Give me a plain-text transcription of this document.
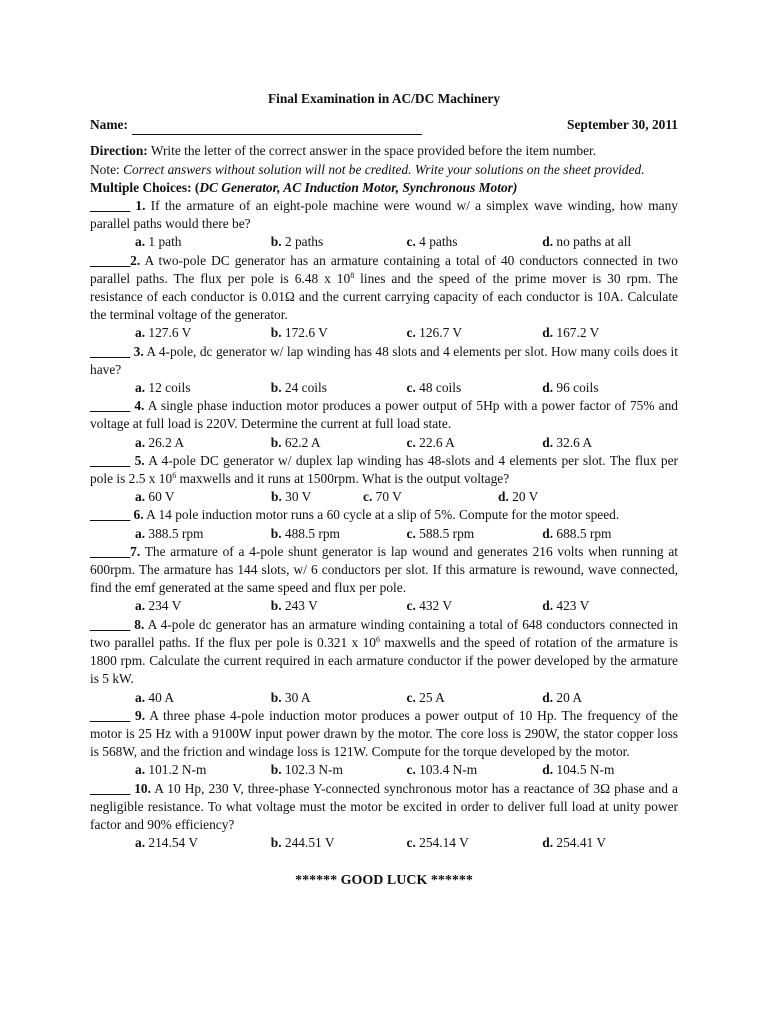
Final Examination in AC/DC Machinery
Name:	September 30, 2011
Direction: Write the letter of the correct answer in the space provided before the item number.
Note: Correct answers without solution will not be credited. Write your solutions on the sheet provided.
Multiple Choices: (DC Generator, AC Induction Motor, Synchronous Motor)
______ 1. If the armature of an eight-pole machine were wound w/ a simplex wave winding, how many parallel paths would there be?
a. 1 path	b. 2 paths	c. 4 paths	d. no paths at all
______2. A two-pole DC generator has an armature containing a total of 40 conductors connected in two parallel paths. The flux per pole is 6.48 x $10^8$ lines and the speed of the prime mover is 30 rpm. The resistance of each conductor is 0.01Ω and the current carrying capacity of each conductor is 10A. Calculate the terminal voltage of the generator.
a. 127.6 V	b. 172.6 V	c. 126.7 V	d. 167.2 V
______ 3. A 4-pole, dc generator w/ lap winding has 48 slots and 4 elements per slot. How many coils does it have?
a. 12 coils	b. 24 coils	c. 48 coils	d. 96 coils
______ 4. A single phase induction motor produces a power output of 5Hp with a power factor of 75% and voltage at full load is 220V. Determine the current at full load state.
a. 26.2 A	b. 62.2 A	c. 22.6 A	d. 32.6 A
______ 5. A 4-pole DC generator w/ duplex lap winding has 48-slots and 4 elements per slot. The flux per pole is 2.5 x $10^6$ maxwells and it runs at 1500rpm. What is the output voltage?
a. 60 V	b. 30 V	c. 70 V	d. 20 V
______ 6. A 14 pole induction motor runs a 60 cycle at a slip of 5%. Compute for the motor speed.
a. 388.5 rpm	b. 488.5 rpm	c. 588.5 rpm	d. 688.5 rpm
______7. The armature of a 4-pole shunt generator is lap wound and generates 216 volts when running at 600rpm. The armature has 144 slots, w/ 6 conductors per slot. If this armature is rewound, wave connected, find the emf generated at the same speed and flux per pole.
a. 234 V	b. 243 V	c. 432 V	d. 423 V
______ 8. A 4-pole dc generator has an armature winding containing a total of 648 conductors connected in two parallel paths. If the flux per pole is 0.321 x $10^6$ maxwells and the speed of rotation of the armature is 1800 rpm. Calculate the current required in each armature conductor if the power developed by the armature is 5 kW.
a. 40 A	b. 30 A	c. 25 A	d. 20 A
______ 9. A three phase 4-pole induction motor produces a power output of 10 Hp. The frequency of the motor is 25 Hz with a 9100W input power drawn by the motor. The core loss is 290W, the stator copper loss is 568W, and the friction and windage loss is 121W. Compute for the torque developed by the motor.
a. 101.2 N-m	b. 102.3 N-m	c. 103.4 N-m	d. 104.5 N-m
______ 10. A 10 Hp, 230 V, three-phase Y-connected synchronous motor has a reactance of 3Ω phase and a negligible resistance. To what voltage must the motor be excited in order to deliver full load at unity power factor and 90% efficiency?
a. 214.54 V	b. 244.51 V	c. 254.14 V	d. 254.41 V
****** GOOD LUCK ******
